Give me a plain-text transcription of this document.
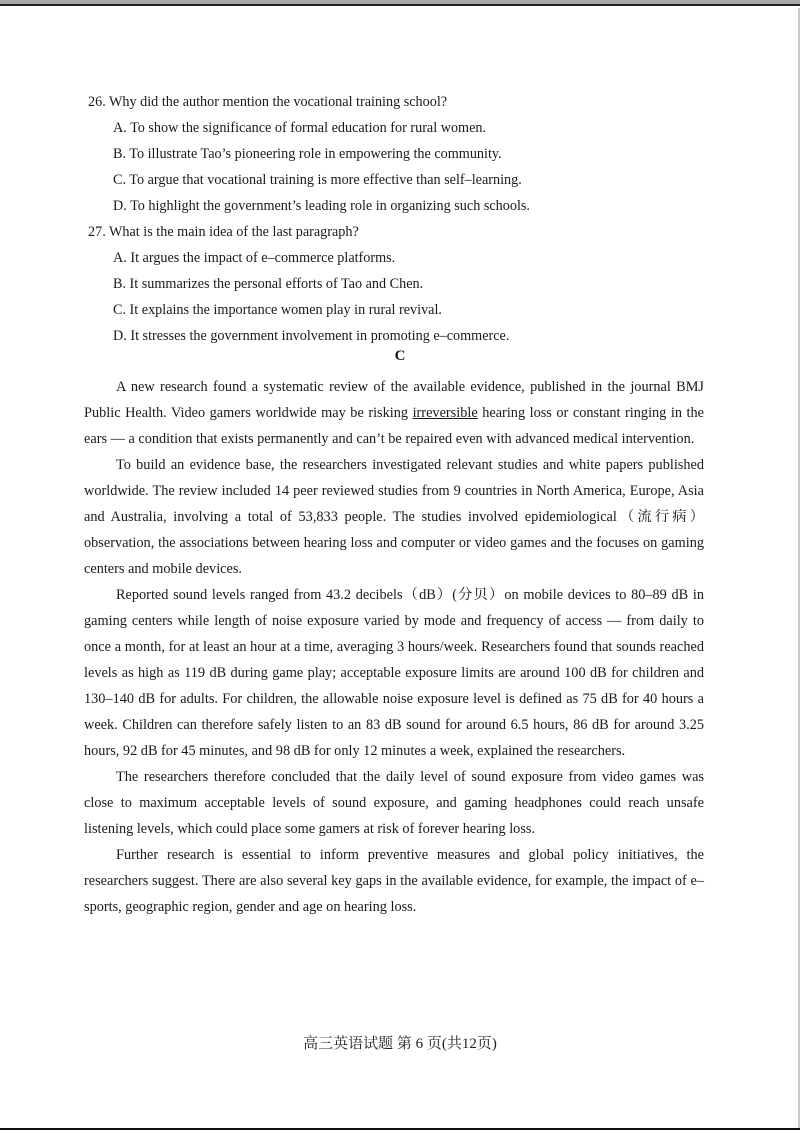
26. Why did the author mention the vocational training school?
A. To show the significance of formal education for rural women.
B. To illustrate Tao’s pioneering role in empowering the community.
C. To argue that vocational training is more effective than self–learning.
D. To highlight the government’s leading role in organizing such schools.
27. What is the main idea of the last paragraph?
A. It argues the impact of e–commerce platforms.
B. It summarizes the personal efforts of Tao and Chen.
C. It explains the importance women play in rural revival.
D. It stresses the government involvement in promoting e–commerce.
C

A new research found a systematic review of the available evidence, published in the journal BMJ Public Health. Video gamers worldwide may be risking irreversible hearing loss or constant ringing in the ears — a condition that exists permanently and can’t be repaired even with advanced medical intervention.

To build an evidence base, the researchers investigated relevant studies and white papers published worldwide. The review included 14 peer reviewed studies from 9 countries in North America, Europe, Asia and Australia, involving a total of 53,833 people. The studies involved epidemiological（流行病）observation, the associations between hearing loss and computer or video games and the focuses on gaming centers and mobile devices.

Reported sound levels ranged from 43.2 decibels（dB）(分贝）on mobile devices to 80–89 dB in gaming centers while length of noise exposure varied by mode and frequency of access — from daily to once a month, for at least an hour at a time, averaging 3 hours/week. Researchers found that sounds reached levels as high as 119 dB during game play; acceptable exposure limits are around 100 dB for children and 130–140 dB for adults. For children, the allowable noise exposure level is defined as 75 dB for 40 hours a week. Children can therefore safely listen to an 83 dB sound for around 6.5 hours, 86 dB for around 3.25 hours, 92 dB for 45 minutes, and 98 dB for only 12 minutes a week, explained the researchers.

The researchers therefore concluded that the daily level of sound exposure from video games was close to maximum acceptable levels of sound exposure, and gaming headphones could reach unsafe listening levels, which could place some gamers at risk of forever hearing loss.

Further research is essential to inform preventive measures and global policy initiatives, the researchers suggest. There are also several key gaps in the available evidence, for example, the impact of e–sports, geographic region, gender and age on hearing loss.

高三英语试题 第 6 页(共12页)
